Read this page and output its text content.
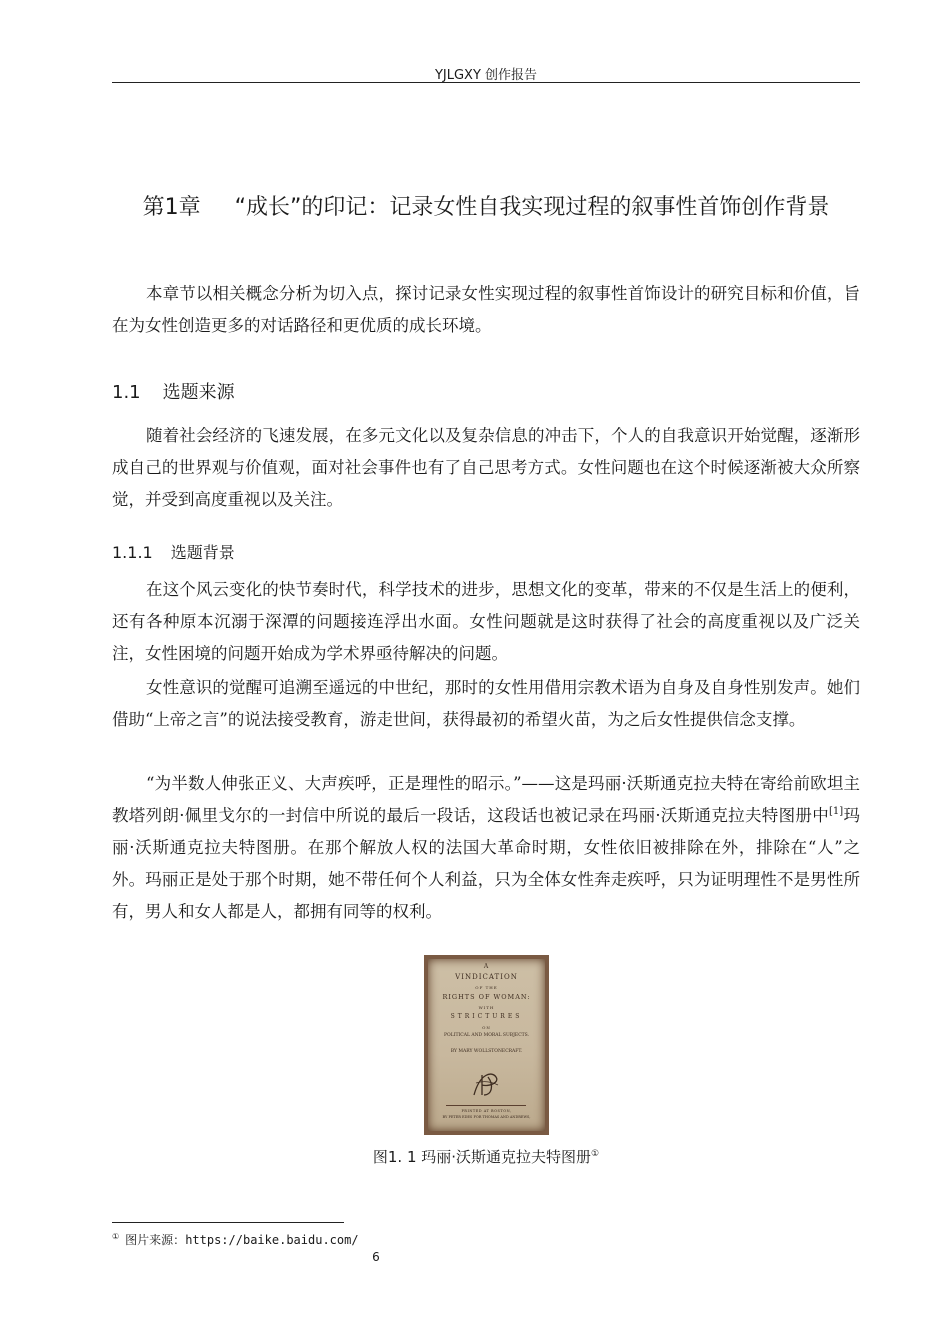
YJLGXY 创作报告
第1章 “成长”的印记：记录女性自我实现过程的叙事性首饰创作背景

本章节以相关概念分析为切入点，探讨记录女性实现过程的叙事性首饰设计的研究目标和价值，旨在为女性创造更多的对话路径和更优质的成长环境。

1.1 选题来源

随着社会经济的飞速发展，在多元文化以及复杂信息的冲击下，个人的自我意识开始觉醒，逐渐形成自己的世界观与价值观，面对社会事件也有了自己思考方式。女性问题也在这个时候逐渐被大众所察觉，并受到高度重视以及关注。

1.1.1 选题背景

在这个风云变化的快节奏时代，科学技术的进步，思想文化的变革，带来的不仅是生活上的便利，还有各种原本沉溺于深潭的问题接连浮出水面。女性问题就是这时获得了社会的高度重视以及广泛关注，女性困境的问题开始成为学术界亟待解决的问题。

女性意识的觉醒可追溯至遥远的中世纪，那时的女性用借用宗教术语为自身及自身性别发声。她们借助“上帝之言”的说法接受教育，游走世间，获得最初的希望火苗，为之后女性提供信念支撑。

“为半数人伸张正义、大声疾呼，正是理性的昭示。”——这是玛丽·沃斯通克拉夫特在寄给前欧坦主教塔列朗·佩里戈尔的一封信中所说的最后一段话，这段话也被记录在玛丽·沃斯通克拉夫特图册中[1]玛丽·沃斯通克拉夫特图册。在那个解放人权的法国大革命时期，女性依旧被排除在外，排除在“人”之外。玛丽正是处于那个时期，她不带任何个人利益，只为全体女性奔走疾呼，只为证明理性不是男性所有，男人和女人都是人，都拥有同等的权利。

A
VINDICATION
OF THE
RIGHTS OF WOMAN:
WITH
STRICTURES
ON
POLITICAL AND MORAL SUBJECTS.
BY MARY WOLLSTONECRAFT.
PRINTED AT BOSTON,
BY PETER EDES FOR THOMAS AND ANDREWS,
图1. 1 玛丽·沃斯通克拉夫特图册①
① 图片来源：https://baike.baidu.com/
6
